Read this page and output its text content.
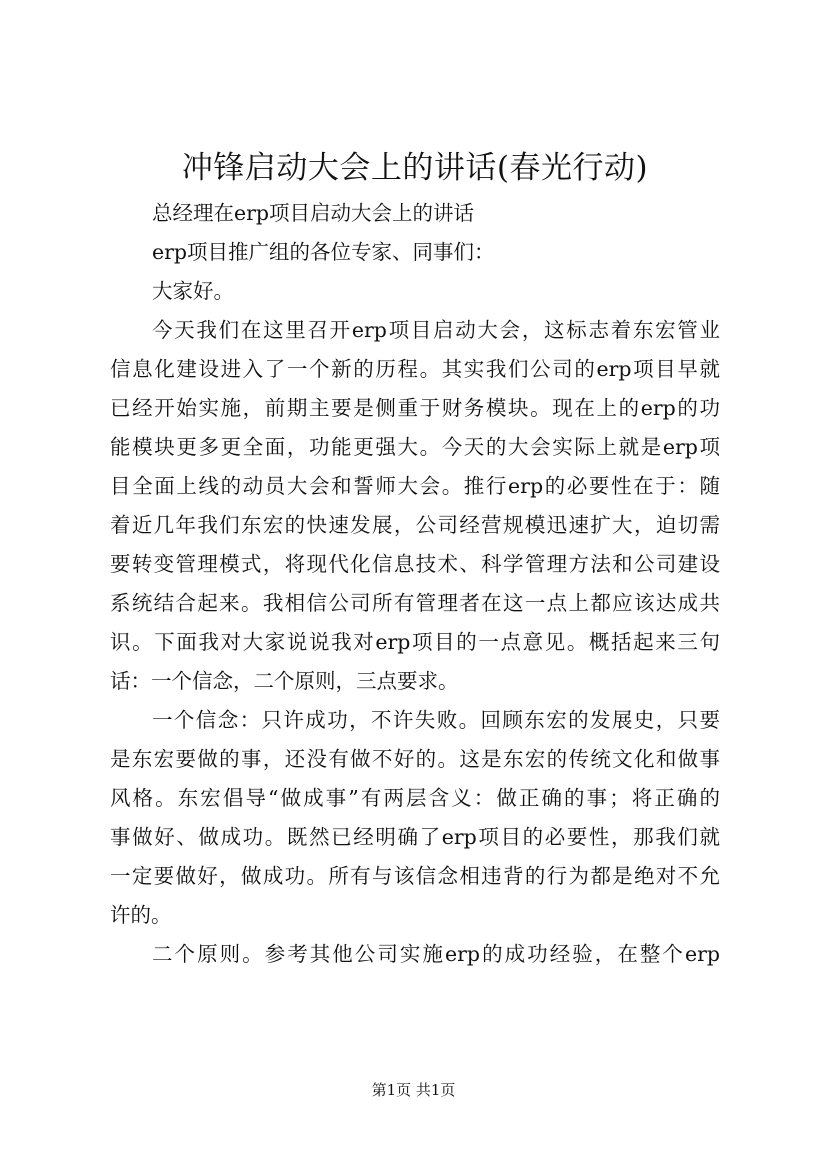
冲锋启动大会上的讲话(春光行动)
总经理在erp项目启动大会上的讲话
erp项目推广组的各位专家、同事们：
大家好。
今天我们在这里召开erp项目启动大会，这标志着东宏管业
信息化建设进入了一个新的历程。其实我们公司的erp项目早就
已经开始实施，前期主要是侧重于财务模块。现在上的erp的功
能模块更多更全面，功能更强大。今天的大会实际上就是erp项
目全面上线的动员大会和誓师大会。推行erp的必要性在于：随
着近几年我们东宏的快速发展，公司经营规模迅速扩大，迫切需
要转变管理模式，将现代化信息技术、科学管理方法和公司建设
系统结合起来。我相信公司所有管理者在这一点上都应该达成共
识。下面我对大家说说我对erp项目的一点意见。概括起来三句
话：一个信念，二个原则，三点要求。
一个信念：只许成功，不许失败。回顾东宏的发展史，只要
是东宏要做的事，还没有做不好的。这是东宏的传统文化和做事
风格。东宏倡导“做成事”有两层含义：做正确的事；将正确的
事做好、做成功。既然已经明确了erp项目的必要性，那我们就
一定要做好，做成功。所有与该信念相违背的行为都是绝对不允
许的。
二个原则。参考其他公司实施erp的成功经验，在整个erp
第1页 共1页
